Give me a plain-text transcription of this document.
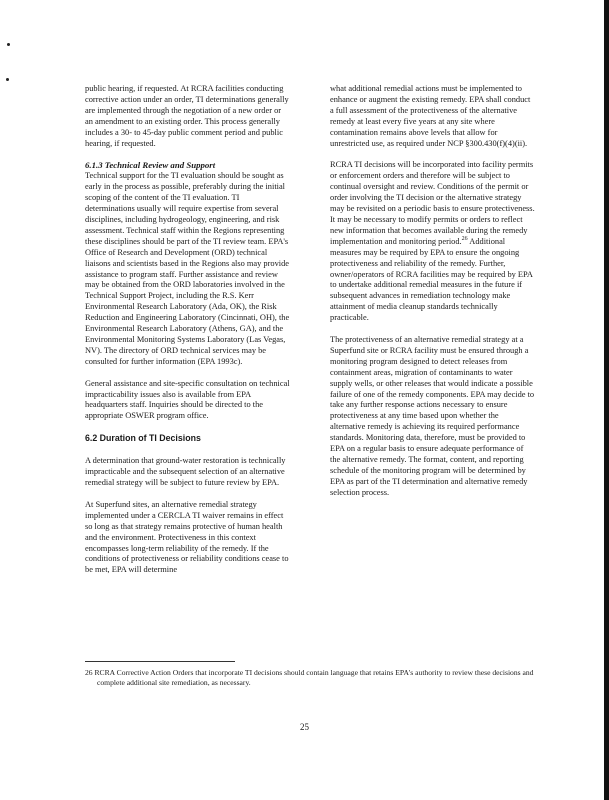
public hearing, if requested. At RCRA facilities conducting corrective action under an order, TI determinations generally are implemented through the negotiation of a new order or an amendment to an existing order. This process generally includes a 30- to 45-day public comment period and public hearing, if requested.

6.1.3 Technical Review and Support

Technical support for the TI evaluation should be sought as early in the process as possible, preferably during the initial scoping of the content of the TI evaluation. TI determinations usually will require expertise from several disciplines, including hydrogeology, engineering, and risk assessment. Technical staff within the Regions representing these disciplines should be part of the TI review team. EPA's Office of Research and Development (ORD) technical liaisons and scientists based in the Regions also may provide assistance to program staff. Further assistance and review may be obtained from the ORD laboratories involved in the Technical Support Project, including the R.S. Kerr Environmental Research Laboratory (Ada, OK), the Risk Reduction and Engineering Laboratory (Cincinnati, OH), the Environmental Research Laboratory (Athens, GA), and the Environmental Monitoring Systems Laboratory (Las Vegas, NV). The directory of ORD technical services may be consulted for further information (EPA 1993c).

General assistance and site-specific consultation on technical impracticability issues also is available from EPA headquarters staff. Inquiries should be directed to the appropriate OSWER program office.

6.2 Duration of TI Decisions

A determination that ground-water restoration is technically impracticable and the subsequent selection of an alternative remedial strategy will be subject to future review by EPA.

At Superfund sites, an alternative remedial strategy implemented under a CERCLA TI waiver remains in effect so long as that strategy remains protective of human health and the environment. Protectiveness in this context encompasses long-term reliability of the remedy. If the conditions of protectiveness or reliability conditions cease to be met, EPA will determine

what additional remedial actions must be implemented to enhance or augment the existing remedy. EPA shall conduct a full assessment of the protectiveness of the alternative remedy at least every five years at any site where contamination remains above levels that allow for unrestricted use, as required under NCP §300.430(f)(4)(ii).

RCRA TI decisions will be incorporated into facility permits or enforcement orders and therefore will be subject to continual oversight and review. Conditions of the permit or order involving the TI decision or the alternative strategy may be revisited on a periodic basis to ensure protectiveness. It may be necessary to modify permits or orders to reflect new information that becomes available during the remedy implementation and monitoring period.$^{26}$ Additional measures may be required by EPA to ensure the ongoing protectiveness and reliability of the remedy. Further, owner/operators of RCRA facilities may be required by EPA to undertake additional remedial measures in the future if subsequent advances in remediation technology make attainment of media cleanup standards technically practicable.

The protectiveness of an alternative remedial strategy at a Superfund site or RCRA facility must be ensured through a monitoring program designed to detect releases from containment areas, migration of contaminants to water supply wells, or other releases that would indicate a possible failure of one of the remedy components. EPA may decide to take any further response actions necessary to ensure protectiveness at any time based upon whether the alternative remedy is achieving its required performance standards. Monitoring data, therefore, must be provided to EPA on a regular basis to ensure adequate performance of the alternative remedy. The format, content, and reporting schedule of the monitoring program will be determined by EPA as part of the TI determination and alternative remedy selection process.

26 RCRA Corrective Action Orders that incorporate TI decisions should contain language that retains EPA's authority to review these decisions and complete additional site remediation, as necessary.
25
